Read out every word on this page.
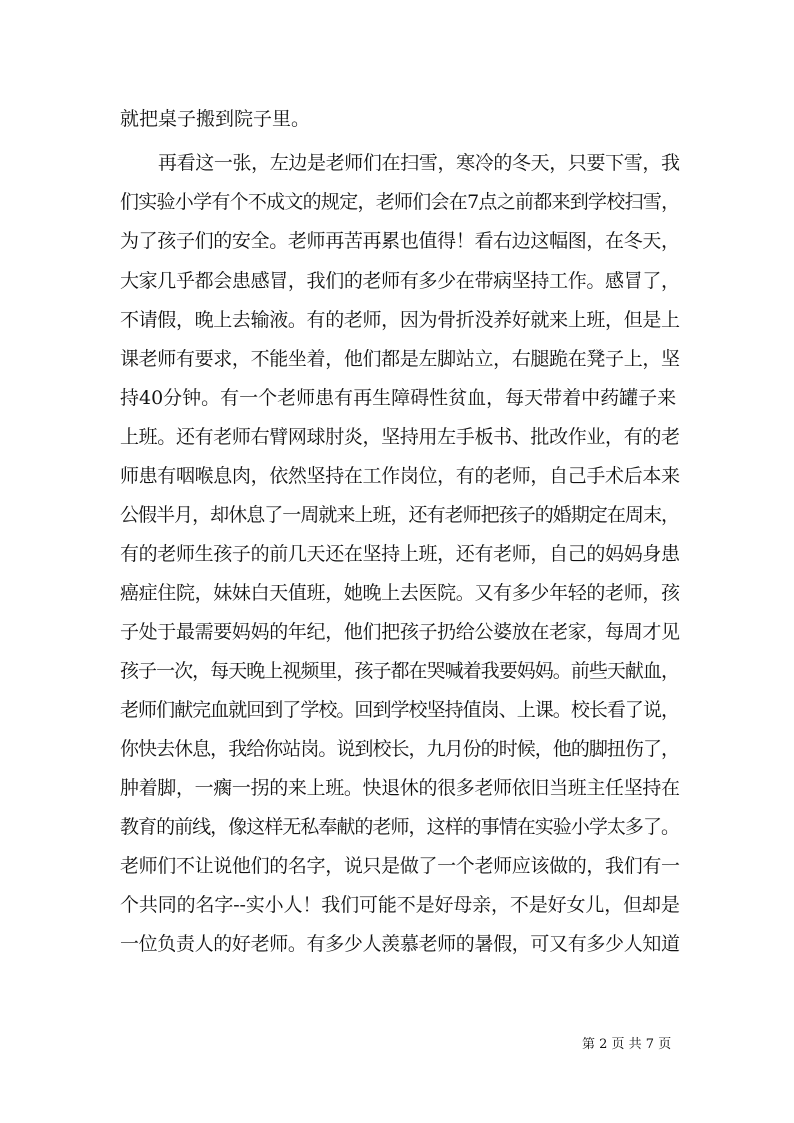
就把桌子搬到院子里。
再看这一张，左边是老师们在扫雪，寒冷的冬天，只要下雪，我
们实验小学有个不成文的规定，老师们会在7点之前都来到学校扫雪，
为了孩子们的安全。老师再苦再累也值得！看右边这幅图，在冬天，
大家几乎都会患感冒，我们的老师有多少在带病坚持工作。感冒了，
不请假，晚上去输液。有的老师，因为骨折没养好就来上班，但是上
课老师有要求，不能坐着，他们都是左脚站立，右腿跪在凳子上，坚
持40分钟。有一个老师患有再生障碍性贫血，每天带着中药罐子来
上班。还有老师右臂网球肘炎，坚持用左手板书、批改作业，有的老
师患有咽喉息肉，依然坚持在工作岗位，有的老师，自己手术后本来
公假半月，却休息了一周就来上班，还有老师把孩子的婚期定在周末，
有的老师生孩子的前几天还在坚持上班，还有老师，自己的妈妈身患
癌症住院，妹妹白天值班，她晚上去医院。又有多少年轻的老师，孩
子处于最需要妈妈的年纪，他们把孩子扔给公婆放在老家，每周才见
孩子一次，每天晚上视频里，孩子都在哭喊着我要妈妈。前些天献血，
老师们献完血就回到了学校。回到学校坚持值岗、上课。校长看了说，
你快去休息，我给你站岗。说到校长，九月份的时候，他的脚扭伤了，
肿着脚，一瘸一拐的来上班。快退休的很多老师依旧当班主任坚持在
教育的前线，像这样无私奉献的老师，这样的事情在实验小学太多了。
老师们不让说他们的名字，说只是做了一个老师应该做的，我们有一
个共同的名字--实小人！我们可能不是好母亲，不是好女儿，但却是
一位负责人的好老师。有多少人羡慕老师的暑假，可又有多少人知道
第 2 页 共 7 页
